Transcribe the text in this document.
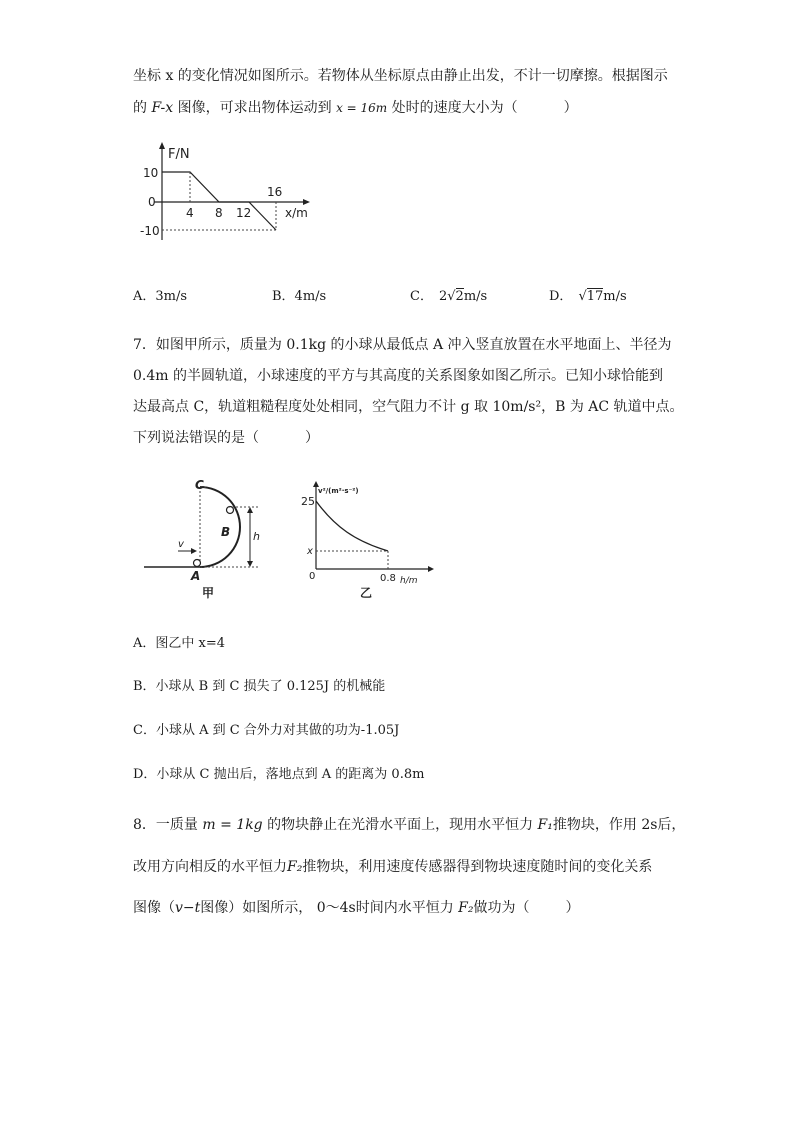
坐标 x 的变化情况如图所示。若物体从坐标原点由静止出发，不计一切摩擦。根据图示
的 F-x 图像，可求出物体运动到 x = 16m 处时的速度大小为（	）
F/N
10
0
-10
4 8 12
16
x/m
A．3m/s	B．4m/s	C． 2√2m/s	D． √17m/s
7．如图甲所示，质量为 0.1kg 的小球从最低点 A 冲入竖直放置在水平地面上、半径为
0.4m 的半圆轨道，小球速度的平方与其高度的关系图象如图乙所示。已知小球恰能到
达最高点 C，轨道粗糙程度处处相同，空气阻力不计 g 取 10m/s²，B 为 AC 轨道中点。
下列说法错误的是（	）
C
B
A
v
h
甲
v²/(m²·s⁻²)
25
x
0	0.8 h/m
乙
A．图乙中 x=4
B．小球从 B 到 C 损失了 0.125J 的机械能
C．小球从 A 到 C 合外力对其做的功为-1.05J
D．小球从 C 抛出后，落地点到 A 的距离为 0.8m
8．一质量 m = 1kg 的物块静止在光滑水平面上，现用水平恒力 F₁推物块，作用 2s后，
改用方向相反的水平恒力F₂推物块，利用速度传感器得到物块速度随时间的变化关系
图像（v−t图像）如图所示， 0～4s时间内水平恒力 F₂做功为（	）
